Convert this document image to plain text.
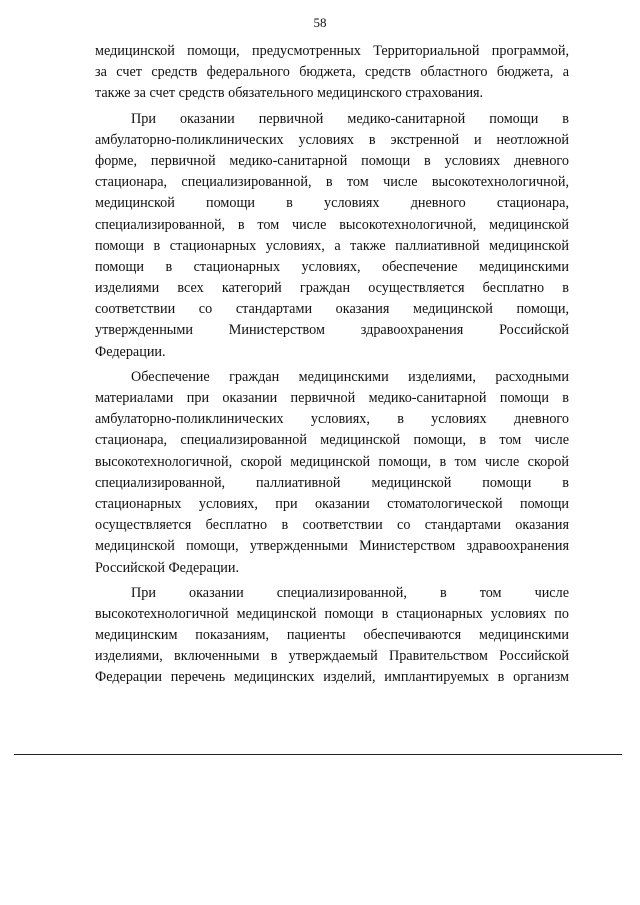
58
медицинской помощи, предусмотренных Территориальной программой,
за счет средств федерального бюджета, средств областного бюджета, а
также за счет средств обязательного медицинского страхования.
При оказании первичной медико-санитарной помощи в
амбулаторно-поликлинических условиях в экстренной и неотложной
форме, первичной медико-санитарной помощи в условиях дневного
стационара, специализированной, в том числе высокотехнологичной,
медицинской помощи в условиях дневного стационара,
специализированной, в том числе высокотехнологичной, медицинской
помощи в стационарных условиях, а также паллиативной медицинской
помощи в стационарных условиях, обеспечение медицинскими
изделиями всех категорий граждан осуществляется бесплатно в
соответствии со стандартами оказания медицинской помощи,
утвержденными Министерством здравоохранения Российской
Федерации.
Обеспечение граждан медицинскими изделиями, расходными
материалами при оказании первичной медико-санитарной помощи в
амбулаторно-поликлинических условиях, в условиях дневного
стационара, специализированной медицинской помощи, в том числе
высокотехнологичной, скорой медицинской помощи, в том числе скорой
специализированной, паллиативной медицинской помощи в
стационарных условиях, при оказании стоматологической помощи
осуществляется бесплатно в соответствии со стандартами оказания
медицинской помощи, утвержденными Министерством здравоохранения
Российской Федерации.
При оказании специализированной, в том числе
высокотехнологичной медицинской помощи в стационарных условиях по
медицинским показаниям, пациенты обеспечиваются медицинскими
изделиями, включенными в утверждаемый Правительством Российской
Федерации перечень медицинских изделий, имплантируемых в организм
